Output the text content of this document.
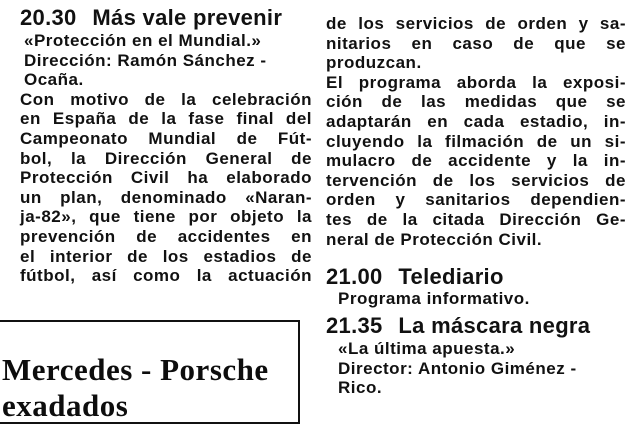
20.30 Más vale prevenir
«Protección en el Mundial.»
Dirección: Ramón Sánchez -
Ocaña.
Con motivo de la celebración
en España de la fase final del
Campeonato Mundial de Fút-
bol, la Dirección General de
Protección Civil ha elaborado
un plan, denominado «Naran-
ja-82», que tiene por objeto la
prevención de accidentes en
el interior de los estadios de
fútbol, así como la actuación
Mercedes - Porsche
exadados
de los servicios de orden y sa-
nitarios en caso de que se
produzcan.
El programa aborda la exposi-
ción de las medidas que se
adaptarán en cada estadio, in-
cluyendo la filmación de un si-
mulacro de accidente y la in-
tervención de los servicios de
orden y sanitarios dependien-
tes de la citada Dirección Ge-
neral de Protección Civil.
21.00 Telediario
Programa informativo.
21.35 La máscara negra
«La última apuesta.»
Director: Antonio Giménez -
Rico.
